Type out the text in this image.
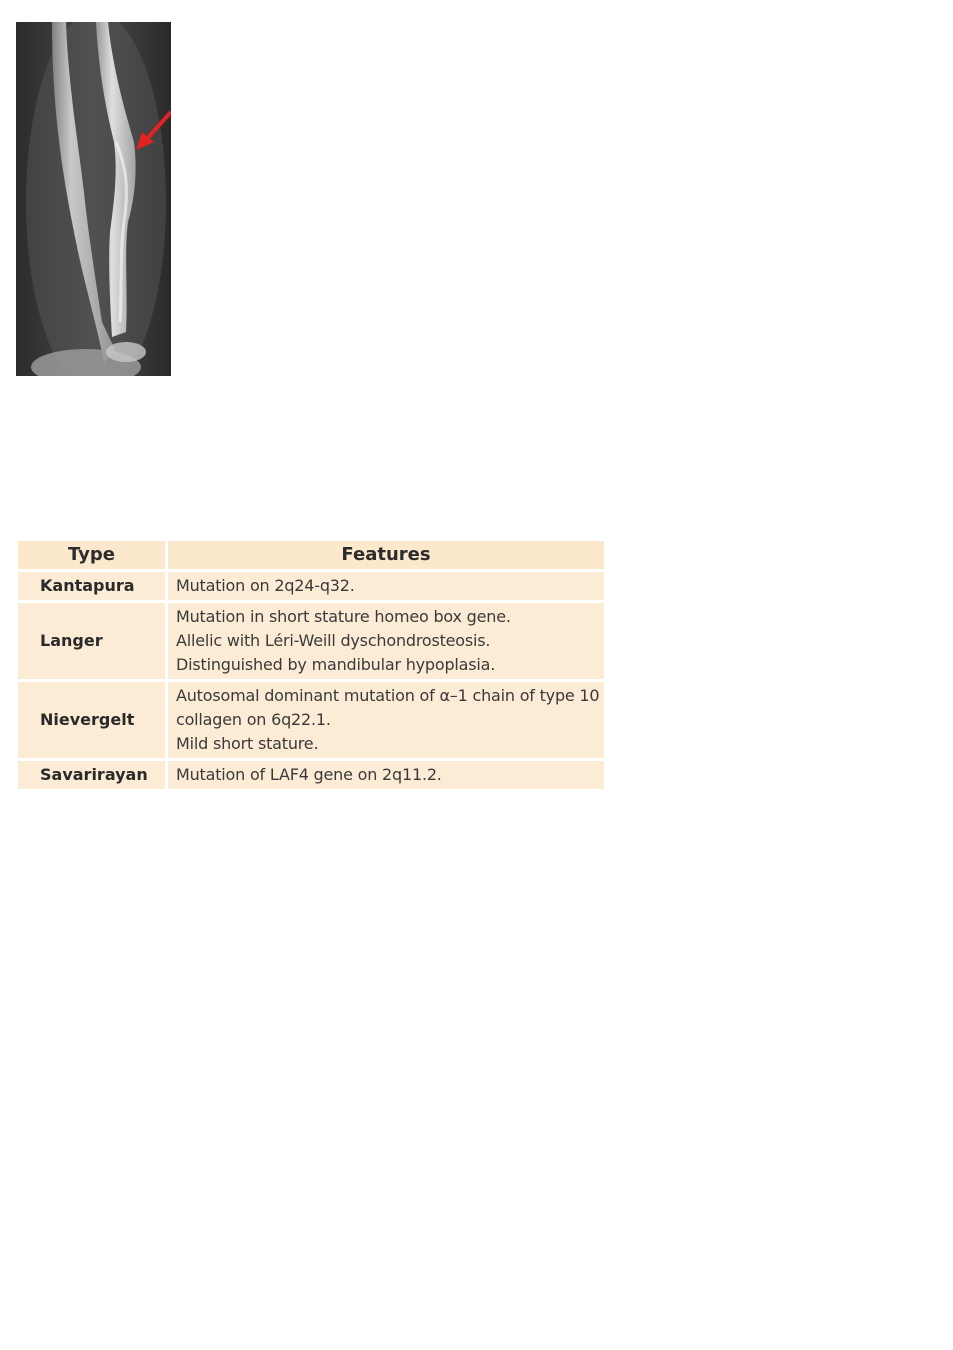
Type	Features
Kantapura	Mutation on 2q24-q32.

Langer	Mutation in short stature homeo box gene.
Allelic with Léri-Weill dyschondrosteosis.
Distinguished by mandibular hypoplasia.

Nievergelt	Autosomal dominant mutation of α–1 chain of type 10
collagen on 6q22.1.
Mild short stature.

Savarirayan	Mutation of LAF4 gene on 2q11.2.
